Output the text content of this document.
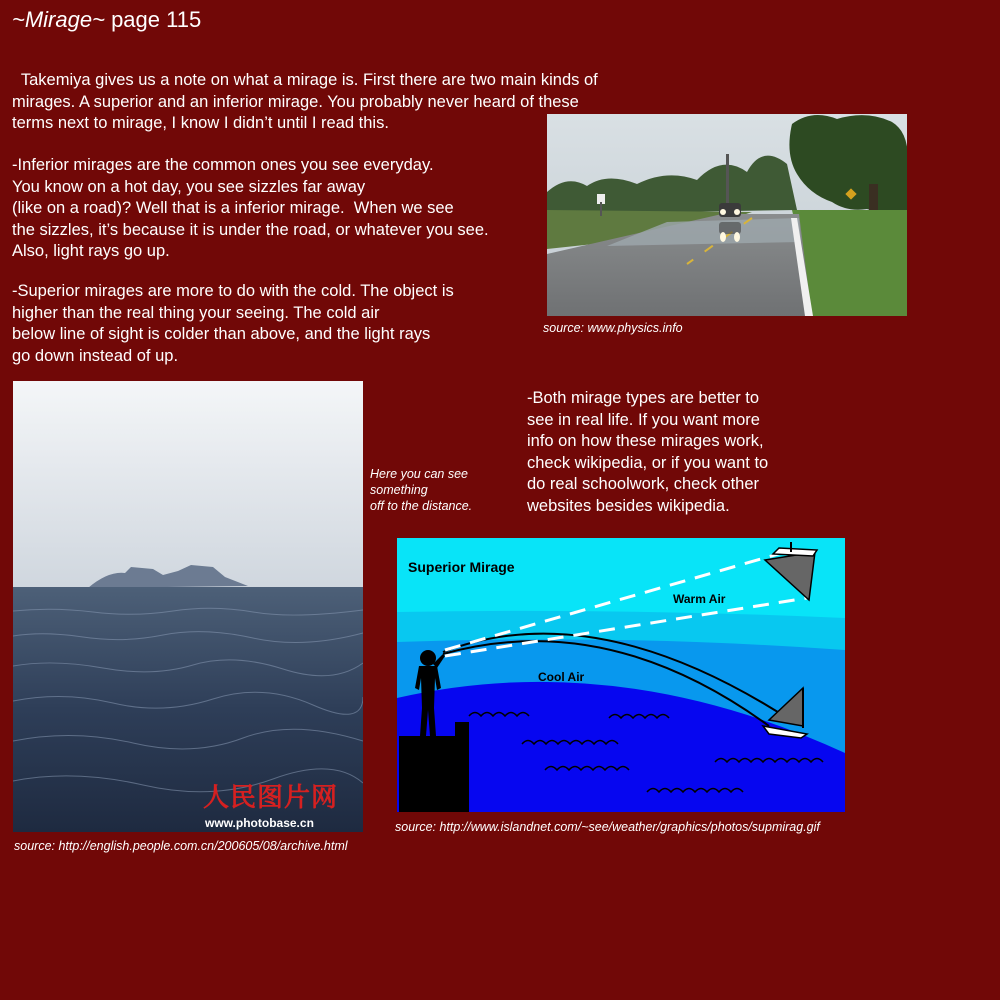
~Mirage~ page 115
Takemiya gives us a note on what a mirage is. First there are two main kinds of
mirages. A superior and an inferior mirage. You probably never heard of these
terms next to mirage, I know I didn’t until I read this.
-Inferior mirages are the common ones you see everyday.
You know on a hot day, you see sizzles far away
(like on a road)? Well that is a inferior mirage.  When we see
the sizzles, it’s because it is under the road, or whatever you see.
Also, light rays go up.
-Superior mirages are more to do with the cold. The object is
higher than the real thing your seeing. The cold air
below line of sight is colder than above, and the light rays
go down instead of up.
source: www.physics.info
人民图片网
www.photobase.cn
Here you can see
something
off to the distance.
source: http://english.people.com.cn/200605/08/archive.html
-Both mirage types are better to
see in real life. If you want more
info on how these mirages work,
check wikipedia, or if you want to
do real schoolwork, check other
websites besides wikipedia.
Superior Mirage
Warm Air
Cool Air
source: http://www.islandnet.com/~see/weather/graphics/photos/supmirag.gif
